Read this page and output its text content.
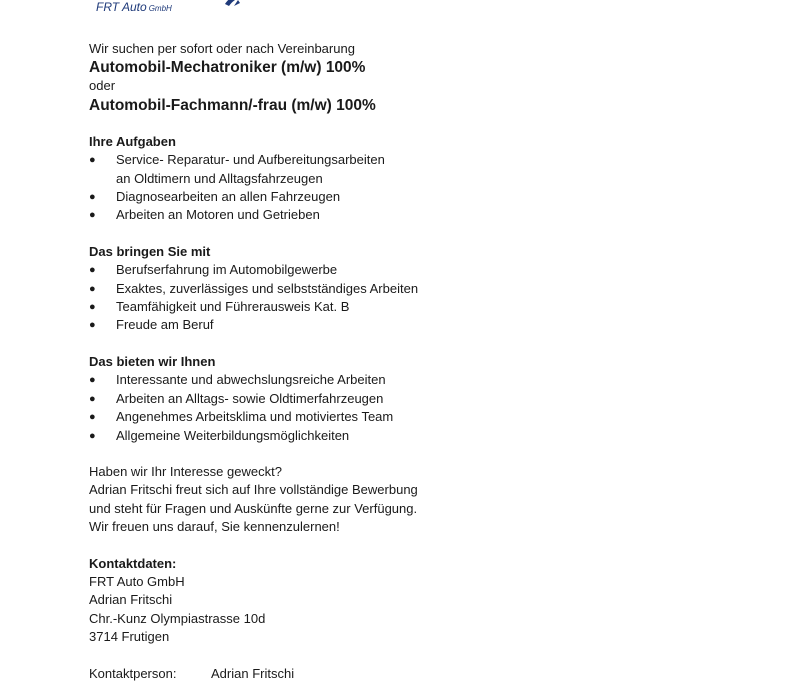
FRT Auto GmbH

Wir suchen per sofort oder nach Vereinbarung

Automobil-Mechatroniker (m/w) 100%

oder

Automobil-Fachmann/-frau (m/w) 100%

Ihre Aufgaben
● Service- Reparatur- und Aufbereitungsarbeiten
an Oldtimern und Alltagsfahrzeugen
● Diagnosearbeiten an allen Fahrzeugen
● Arbeiten an Motoren und Getrieben
Das bringen Sie mit
● Berufserfahrung im Automobilgewerbe
● Exaktes, zuverlässiges und selbstständiges Arbeiten
● Teamfähigkeit und Führerausweis Kat. B
● Freude am Beruf
Das bieten wir Ihnen
● Interessante und abwechslungsreiche Arbeiten
● Arbeiten an Alltags- sowie Oldtimerfahrzeugen
● Angenehmes Arbeitsklima und motiviertes Team
● Allgemeine Weiterbildungsmöglichkeiten
Haben wir Ihr Interesse geweckt?
Adrian Fritschi freut sich auf Ihre vollständige Bewerbung
und steht für Fragen und Auskünfte gerne zur Verfügung.
Wir freuen uns darauf, Sie kennenzulernen!
Kontaktdaten:
FRT Auto GmbH
Adrian Fritschi
Chr.-Kunz Olympiastrasse 10d
3714 Frutigen
Kontaktperson:	Adrian Fritschi
